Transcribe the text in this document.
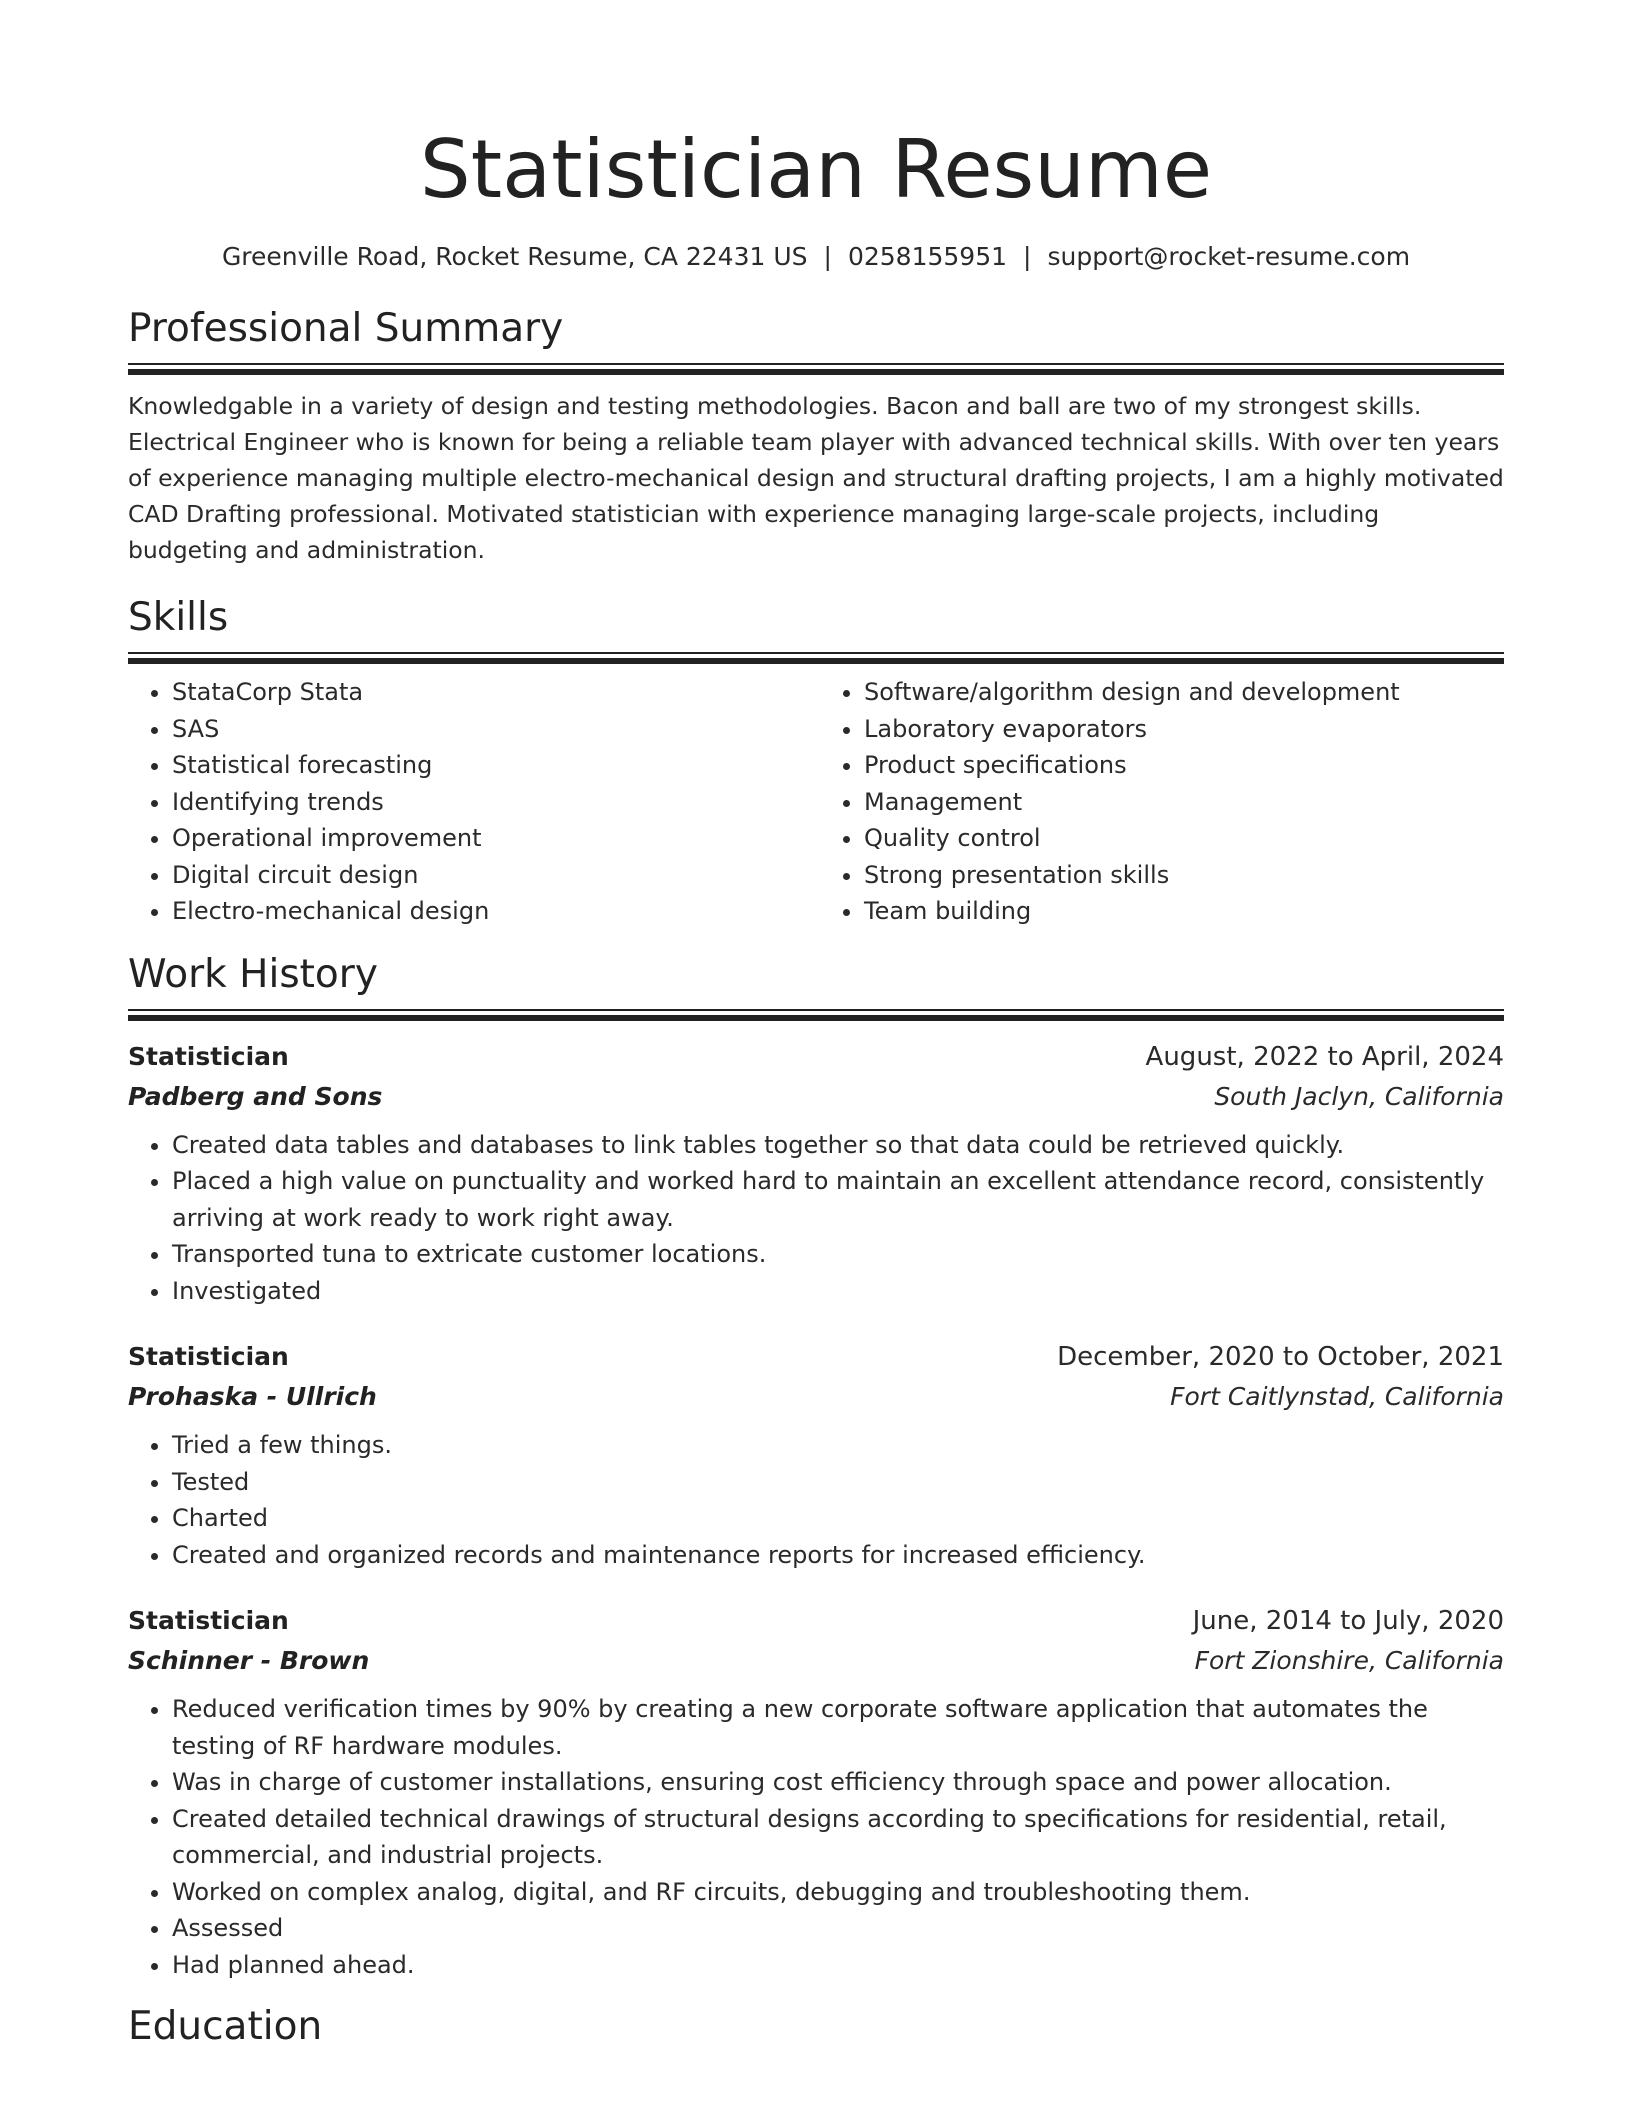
Statistician Resume
Greenville Road, Rocket Resume, CA 22431 US | 0258155951 | support@rocket-resume.com
Professional Summary

Knowledgable in a variety of design and testing methodologies. Bacon and ball are two of my strongest skills. Electrical Engineer who is known for being a reliable team player with advanced technical skills. With over ten years of experience managing multiple electro-mechanical design and structural drafting projects, I am a highly motivated CAD Drafting professional. Motivated statistician with experience managing large-scale projects, including budgeting and administration.

Skills
• StataCorp Stata
• SAS
• Statistical forecasting
• Identifying trends
• Operational improvement
• Digital circuit design
• Electro-mechanical design
• Software/algorithm design and development
• Laboratory evaporators
• Product specifications
• Management
• Quality control
• Strong presentation skills
• Team building
Work History
Statistician	August, 2022 to April, 2024
Padberg and Sons	South Jaclyn, California
• Created data tables and databases to link tables together so that data could be retrieved quickly.
• Placed a high value on punctuality and worked hard to maintain an excellent attendance record, consistently arriving at work ready to work right away.
• Transported tuna to extricate customer locations.
• Investigated
Statistician	December, 2020 to October, 2021
Prohaska - Ullrich	Fort Caitlynstad, California
• Tried a few things.
• Tested
• Charted
• Created and organized records and maintenance reports for increased efficiency.
Statistician	June, 2014 to July, 2020
Schinner - Brown	Fort Zionshire, California
• Reduced verification times by 90% by creating a new corporate software application that automates the testing of RF hardware modules.
• Was in charge of customer installations, ensuring cost efficiency through space and power allocation.
• Created detailed technical drawings of structural designs according to specifications for residential, retail, commercial, and industrial projects.
• Worked on complex analog, digital, and RF circuits, debugging and troubleshooting them.
• Assessed
• Had planned ahead.
Education
